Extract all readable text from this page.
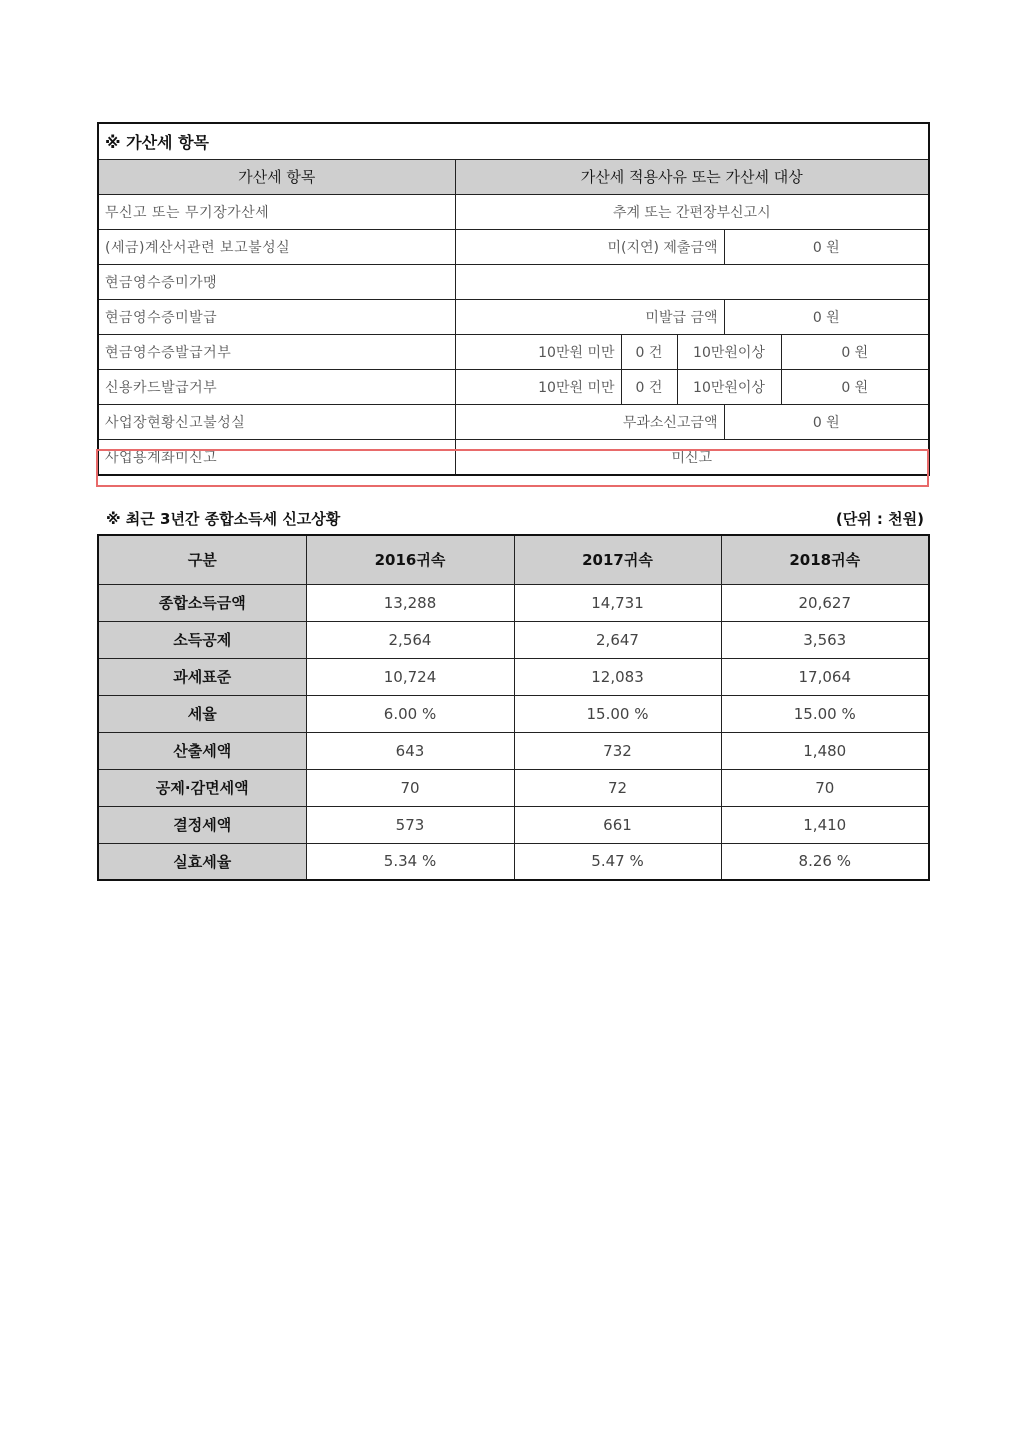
※ 가산세 항목					
가산세 항목	가산세 적용사유 또는 가산세 대상				
무신고 또는 무기장가산세	추계 또는 간편장부신고시				
(세금)계산서관련 보고불성실	미(지연) 제출금액			0 원	
현금영수증미가맹					
현금영수증미발급	미발급 금액			0 원	
현금영수증발급거부	10만원 미만	0 건	10만원이상		0 원
신용카드발급거부	10만원 미만	0 건	10만원이상		0 원
사업장현황신고불성실	무과소신고금액			0 원	
사업용계좌미신고	미신고				
※ 최근 3년간 종합소득세 신고상황	(단위 : 천원)
구분	2016귀속	2017귀속	2018귀속
종합소득금액	13,288	14,731	20,627
소득공제	2,564	2,647	3,563
과세표준	10,724	12,083	17,064
세율	6.00 %	15.00 %	15.00 %
산출세액	643	732	1,480
공제·감면세액	70	72	70
결정세액	573	661	1,410
실효세율	5.34 %	5.47 %	8.26 %
